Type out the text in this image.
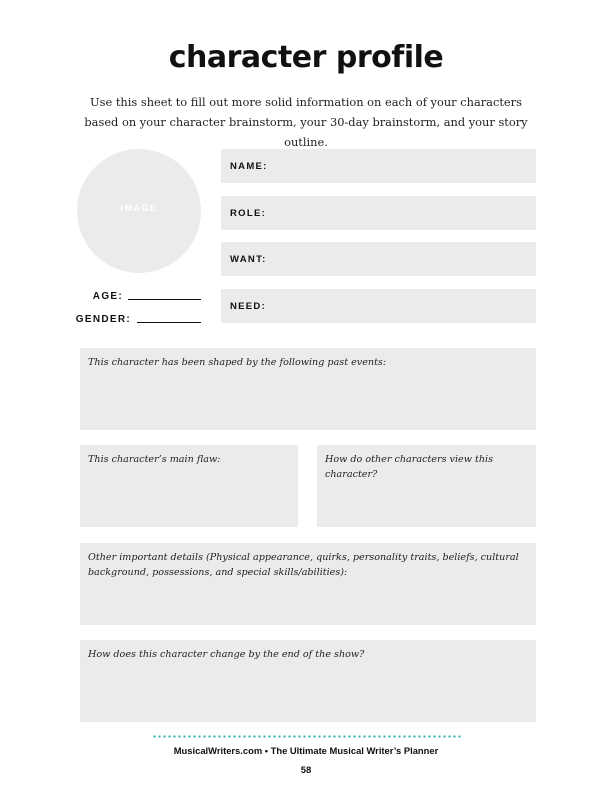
character profile
Use this sheet to fill out more solid information on each of your characters based on your character brainstorm, your 30-day brainstorm, and your story outline.
IMAGE
AGE:
GENDER:
NAME:
ROLE:
WANT:
NEED:
This character has been shaped by the following past events:
This character’s main flaw:	How do other characters view this character?
Other important details (Physical appearance, quirks, personality traits, beliefs, cultural background, possessions, and special skills/abilities):
How does this character change by the end of the show?
MusicalWriters.com • The Ultimate Musical Writer’s Planner
58
